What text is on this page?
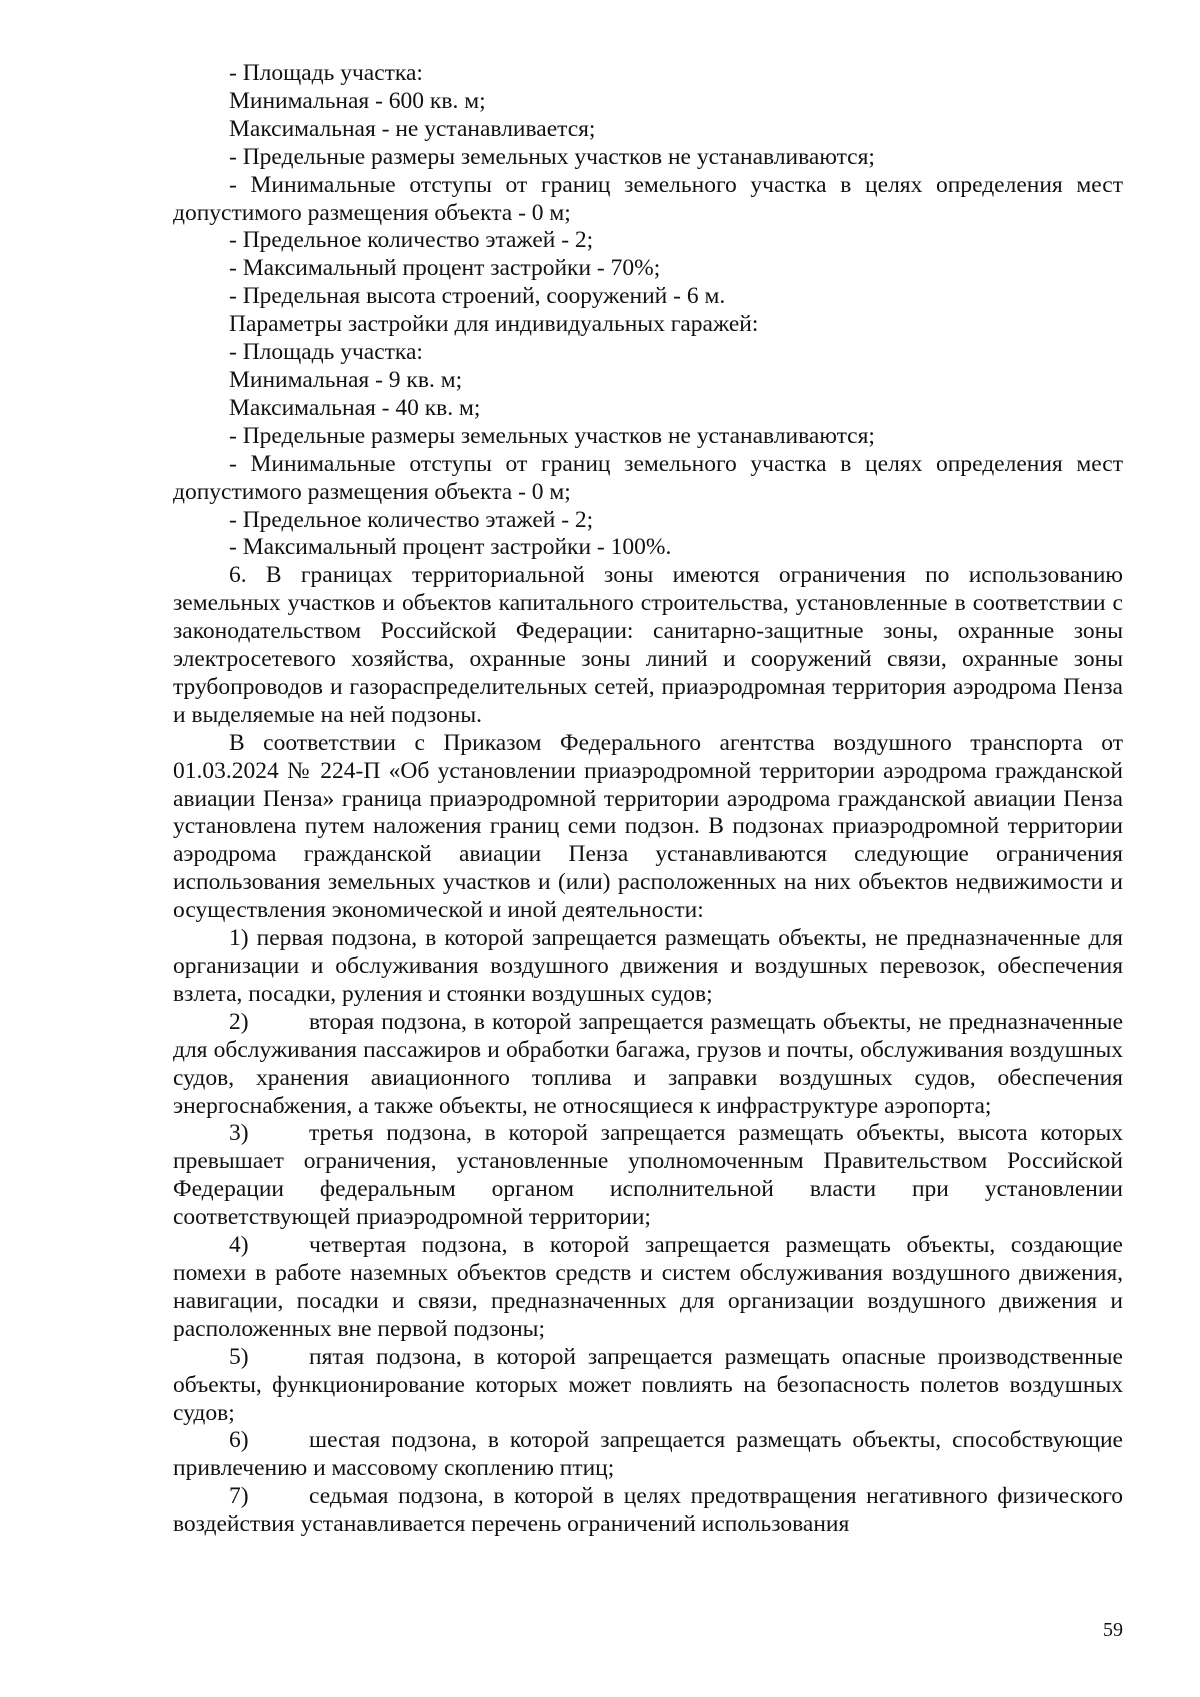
- Площадь участка:

Минимальная - 600 кв. м;

Максимальная - не устанавливается;

- Предельные размеры земельных участков не устанавливаются;

- Минимальные отступы от границ земельного участка в целях определения мест допустимого размещения объекта - 0 м;

- Предельное количество этажей - 2;

- Максимальный процент застройки - 70%;

- Предельная высота строений, сооружений - 6 м.

Параметры застройки для индивидуальных гаражей:

- Площадь участка:

Минимальная - 9 кв. м;

Максимальная - 40 кв. м;

- Предельные размеры земельных участков не устанавливаются;

- Минимальные отступы от границ земельного участка в целях определения мест допустимого размещения объекта - 0 м;

- Предельное количество этажей - 2;

- Максимальный процент застройки - 100%.

6. В границах территориальной зоны имеются ограничения по использованию земельных участков и объектов капитального строительства, установленные в соответствии с законодательством Российской Федерации: санитарно-защитные зоны, охранные зоны электросетевого хозяйства, охранные зоны линий и сооружений связи, охранные зоны трубопроводов и газораспределительных сетей, приаэродромная территория аэродрома Пенза и выделяемые на ней подзоны.

В соответствии с Приказом Федерального агентства воздушного транспорта от 01.03.2024 № 224-П «Об установлении приаэродромной территории аэродрома гражданской авиации Пенза» граница приаэродромной территории аэродрома гражданской авиации Пенза установлена путем наложения границ семи подзон. В подзонах приаэродромной территории аэродрома гражданской авиации Пенза устанавливаются следующие ограничения использования земельных участков и (или) расположенных на них объектов недвижимости и осуществления экономической и иной деятельности:

1) первая подзона, в которой запрещается размещать объекты, не предназначенные для организации и обслуживания воздушного движения и воздушных перевозок, обеспечения взлета, посадки, руления и стоянки воздушных судов;

2)	вторая подзона, в которой запрещается размещать объекты, не предназначенные для обслуживания пассажиров и обработки багажа, грузов и почты, обслуживания воздушных судов, хранения авиационного топлива и заправки воздушных судов, обеспечения энергоснабжения, а также объекты, не относящиеся к инфраструктуре аэропорта;

3)	третья подзона, в которой запрещается размещать объекты, высота которых превышает ограничения, установленные уполномоченным Правительством Российской Федерации федеральным органом исполнительной власти при установлении соответствующей приаэродромной территории;

4)	четвертая подзона, в которой запрещается размещать объекты, создающие помехи в работе наземных объектов средств и систем обслуживания воздушного движения, навигации, посадки и связи, предназначенных для организации воздушного движения и расположенных вне первой подзоны;

5)	пятая подзона, в которой запрещается размещать опасные производственные объекты, функционирование которых может повлиять на безопасность полетов воздушных судов;

6)	шестая подзона, в которой запрещается размещать объекты, способствующие привлечению и массовому скоплению птиц;

7)	седьмая подзона, в которой в целях предотвращения негативного физического воздействия устанавливается перечень ограничений использования

59
